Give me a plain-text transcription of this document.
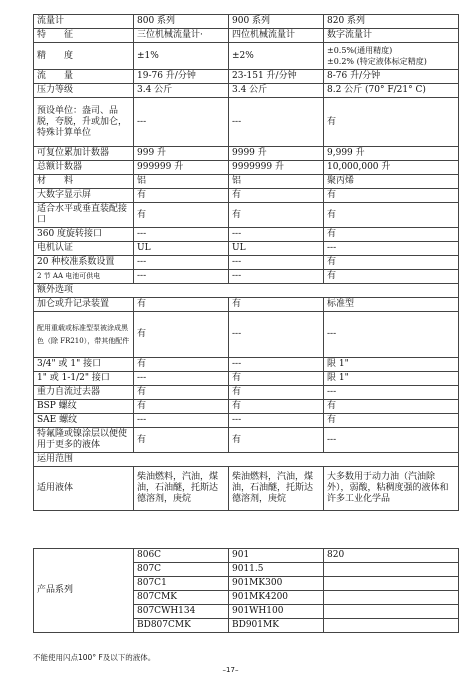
流量计	800 系列	900 系列	820 系列
特　　征	三位机械流量计·	四位机械流量计	数字流量计
精　　度	±1%	±2%	±0.5%(通用精度)
±0.2% (特定液体标定精度)
流　　量	19-76 升/分钟	23-151 升/分钟	8-76 升/分钟
压力等级	3.4 公斤	3.4 公斤	8.2 公斤 (70° F/21° C)
预设单位：盎司、品脱，夸脱，升或加仑，特殊计算单位	---	---	有
可复位累加计数器	999 升	9999 升	9,999 升
总额计数器	999999 升	9999999 升	10,000,000 升
材　　料	铝	铝	聚丙烯
大数字显示屏	有	有	有
适合水平或垂直装配接口	有	有	有
360 度旋转接口	---	---	有
电机认证	UL	UL	---
20 种校准系数设置	---	---	有
2 节 AA 电池可供电	---	---	有
额外选项			
加仑或升记录装置	有	有	标准型
配用重载或标准型泵被涂成黑色（除 FR210），带其他配件	有	---	---
3/4" 或 1" 接口	有	---	限 1"
1" 或 1-1/2" 接口	---	有	限 1"
重力自流过去器	有	有	---
BSP 螺纹	有	有	有
SAE 螺纹	---	---	有
特氟隆或镍涂层以便使用于更多的液体	有	有	---
运用范围			
适用液体	柴油燃料，汽油，煤油，石油醚，托斯达德溶剂，庚烷	柴油燃料，汽油，煤油，石油醚，托斯达德溶剂，庚烷	大多数用于动力油（汽油除外），弱酸，粘稠度强的液体和许多工业化学品
产品系列	806C	901	820
	807C	9011.5	
	807C1	901MK300	
	807CMK	901MK4200	
	807CWH134	901WH100	
	BD807CMK	BD901MK	
不能使用闪点100° F及以下的液体。
–17–
